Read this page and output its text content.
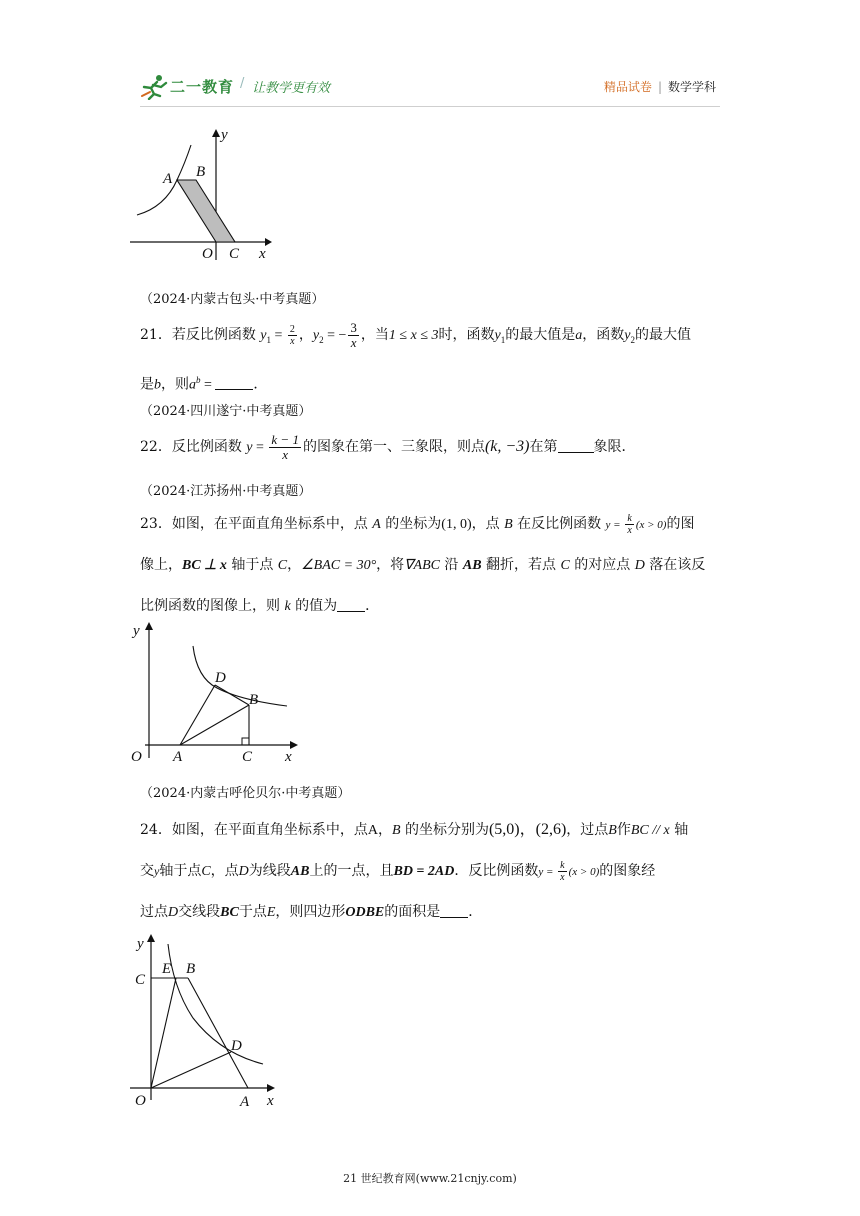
二一教育 / 让教学更有效	精品试卷 | 数学学科
y
A B
O C x
（2024·内蒙古包头·中考真题）
21．若反比例函数 $y_1 = \frac{2}{x}$ ，$y_2$ = − $\frac{3}{x}$ ，当1 ≤ x ≤ 3时，函数$y_1$的最大值是a，函数$y_2$的最大值
是b，则$a^b$ =	．
（2024·四川遂宁·中考真题）
22．反比例函数 $y = \frac{k - 1}{x}$ 的图象在第一、三象限，则点(k, −3)在第	象限．
（2024·江苏扬州·中考真题）
23．如图，在平面直角坐标系中，点 A 的坐标为(1, 0)，点 B 在反比例函数 $y = \frac{k}{x} (x > 0)$的图
像上，BC ⊥ x 轴于点 C，∠BAC = 30°，将∇ABC 沿 AB 翻折，若点 C 的对应点 D 落在该反
比例函数的图像上，则 k 的值为 ．
y
D
B
O A	C x
（2024·内蒙古呼伦贝尔·中考真题）
24．如图，在平面直角坐标系中，点A，B 的坐标分别为(5,0)，(2,6)，过点B作BC // x 轴
交y轴于点C，点D为线段AB上的一点，且BD = 2AD．反比例函数$y = \frac{k}{x} (x > 0)$的图象经
过点D交线段BC于点E，则四边形ODBE的面积是 ．
y
C
E B
D
O	A x
21 世纪教育网(www.21cnjy.com)
